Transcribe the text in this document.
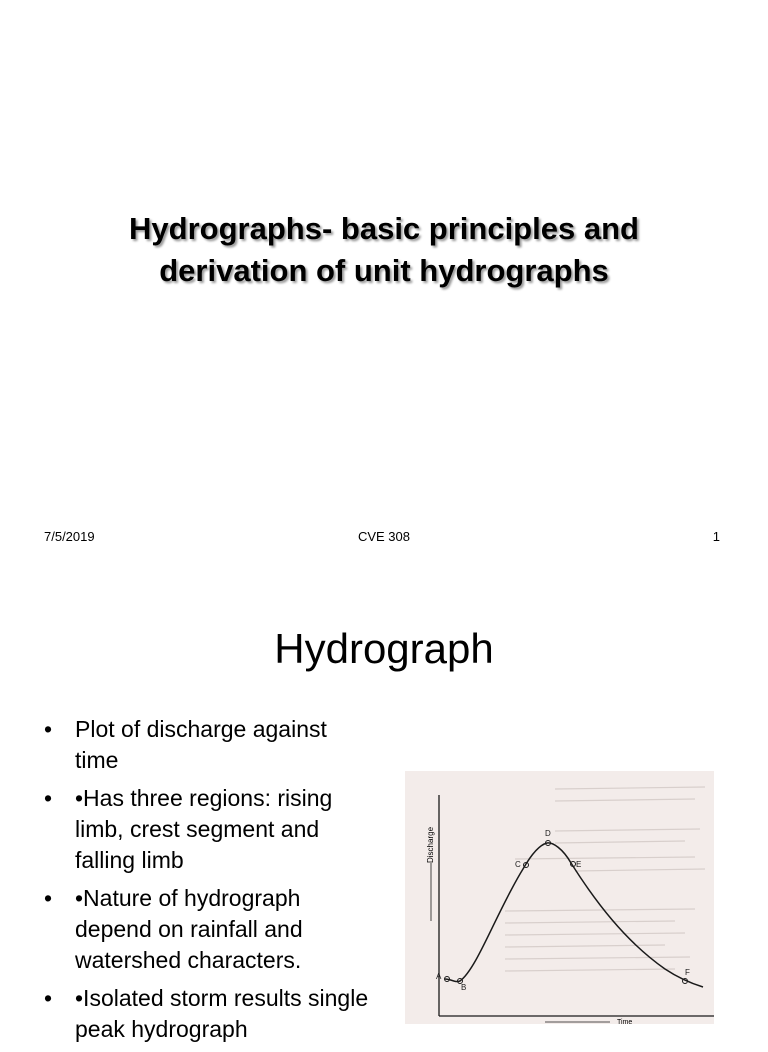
Hydrographs- basic principles and
derivation of unit hydrographs
7/5/2019	CVE 308	1
Hydrograph
• Plot of discharge against time
• •Has three regions: rising limb, crest segment and falling limb
• •Nature of hydrograph depend on rainfall and watershed characters.
• •Isolated storm results single peak hydrograph
Discharge
Time
A
B
C
D
E
F
